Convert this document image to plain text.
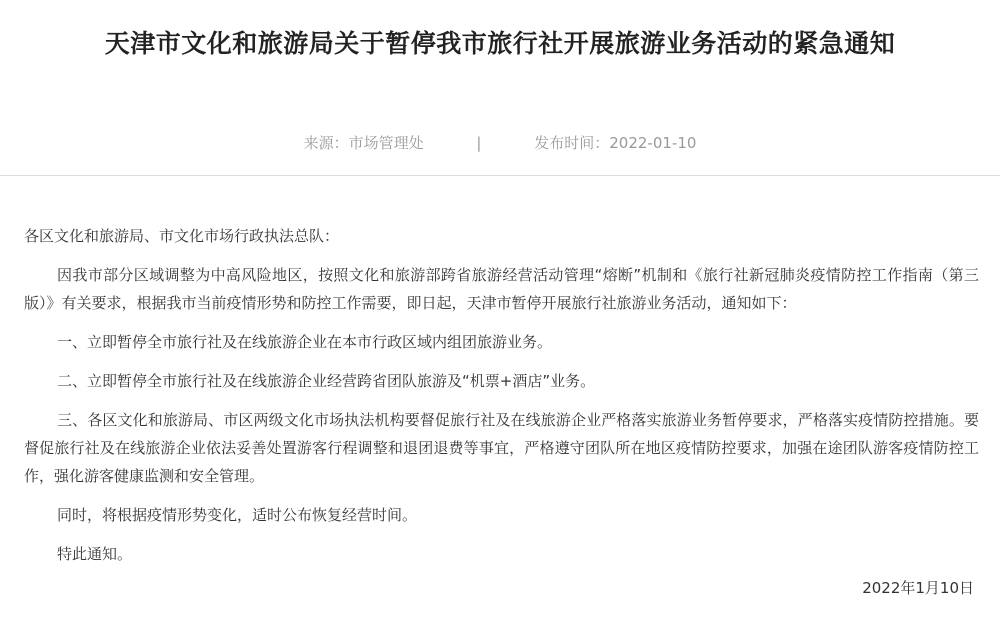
天津市文化和旅游局关于暂停我市旅行社开展旅游业务活动的紧急通知
来源：市场管理处	|	发布时间：2022-01-10

各区文化和旅游局、市文化市场行政执法总队：

因我市部分区域调整为中高风险地区，按照文化和旅游部跨省旅游经营活动管理“熔断”机制和《旅行社新冠肺炎疫情防控工作指南（第三版）》有关要求，根据我市当前疫情形势和防控工作需要，即日起，天津市暂停开展旅行社旅游业务活动，通知如下：

一、立即暂停全市旅行社及在线旅游企业在本市行政区域内组团旅游业务。

二、立即暂停全市旅行社及在线旅游企业经营跨省团队旅游及“机票+酒店”业务。

三、各区文化和旅游局、市区两级文化市场执法机构要督促旅行社及在线旅游企业严格落实旅游业务暂停要求，严格落实疫情防控措施。要督促旅行社及在线旅游企业依法妥善处置游客行程调整和退团退费等事宜，严格遵守团队所在地区疫情防控要求，加强在途团队游客疫情防控工作，强化游客健康监测和安全管理。

同时，将根据疫情形势变化，适时公布恢复经营时间。

特此通知。

2022年1月10日
